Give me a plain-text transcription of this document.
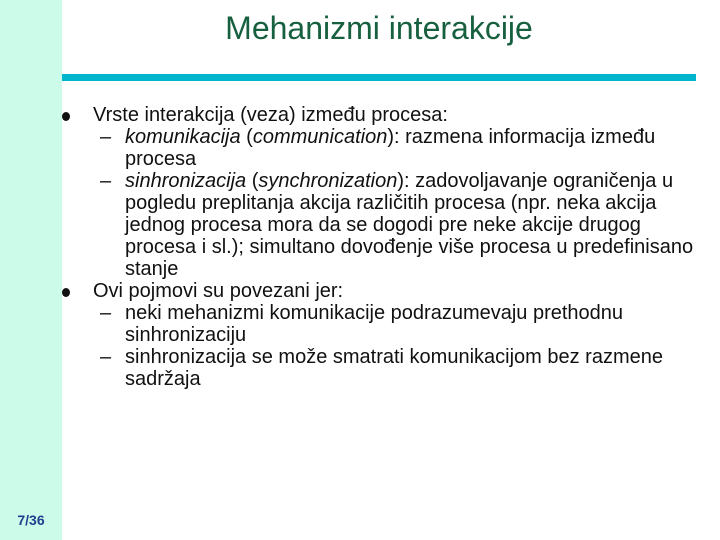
7/36
Mehanizmi interakcije
Vrste interakcija (veza) između procesa:
– komunikacija (communication): razmena informacija između procesa
– sinhronizacija (synchronization): zadovoljavanje ograničenja u pogledu preplitanja akcija različitih procesa (npr. neka akcija jednog procesa mora da se dogodi pre neke akcije drugog procesa i sl.); simultano dovođenje više procesa u predefinisano stanje
Ovi pojmovi su povezani jer:
– neki mehanizmi komunikacije podrazumevaju prethodnu sinhronizaciju
– sinhronizacija se može smatrati komunikacijom bez razmene sadržaja
